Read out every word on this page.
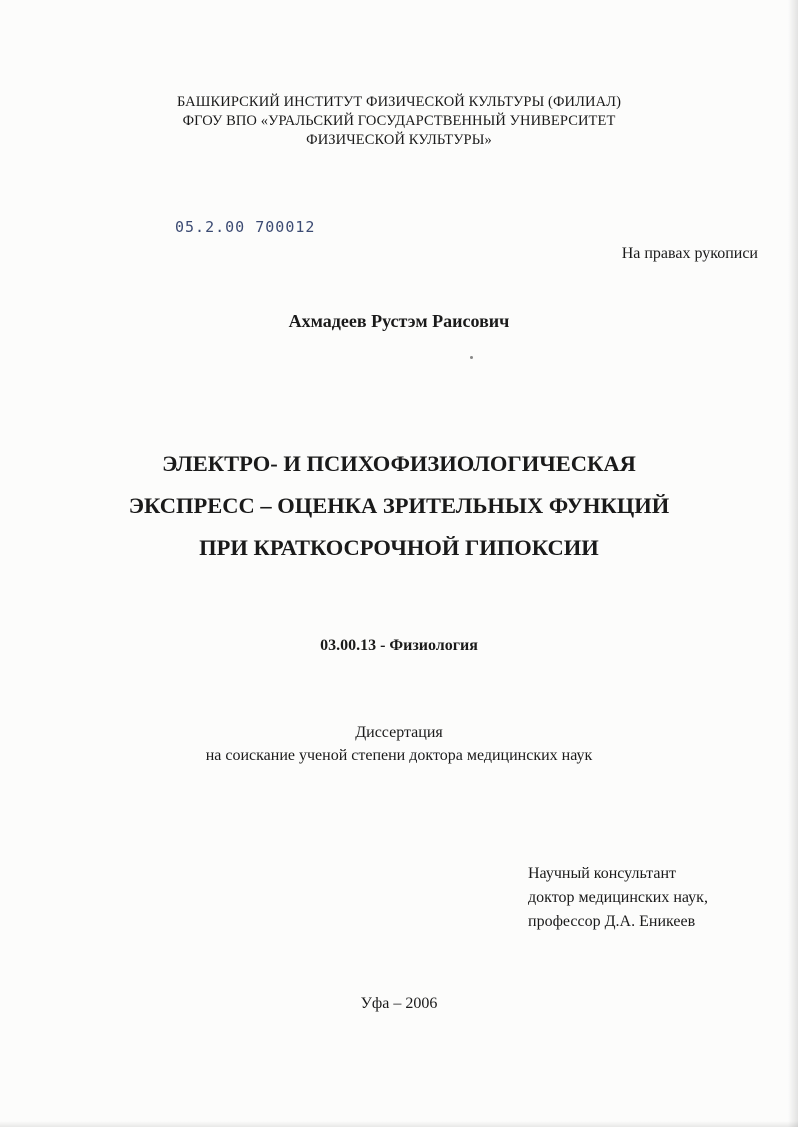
БАШКИРСКИЙ ИНСТИТУТ ФИЗИЧЕСКОЙ КУЛЬТУРЫ (ФИЛИАЛ)
ФГОУ ВПО «УРАЛЬСКИЙ ГОСУДАРСТВЕННЫЙ УНИВЕРСИТЕТ
ФИЗИЧЕСКОЙ КУЛЬТУРЫ»
05.2.00 700012
На правах рукописи
Ахмадеев Рустэм Раисович
ЭЛЕКТРО- И ПСИХОФИЗИОЛОГИЧЕСКАЯ
ЭКСПРЕСС – ОЦЕНКА ЗРИТЕЛЬНЫХ ФУНКЦИЙ
ПРИ КРАТКОСРОЧНОЙ ГИПОКСИИ
03.00.13 - Физиология
Диссертация
на соискание ученой степени доктора медицинских наук
Научный консультант
доктор медицинских наук,
профессор Д.А. Еникеев
Уфа – 2006
